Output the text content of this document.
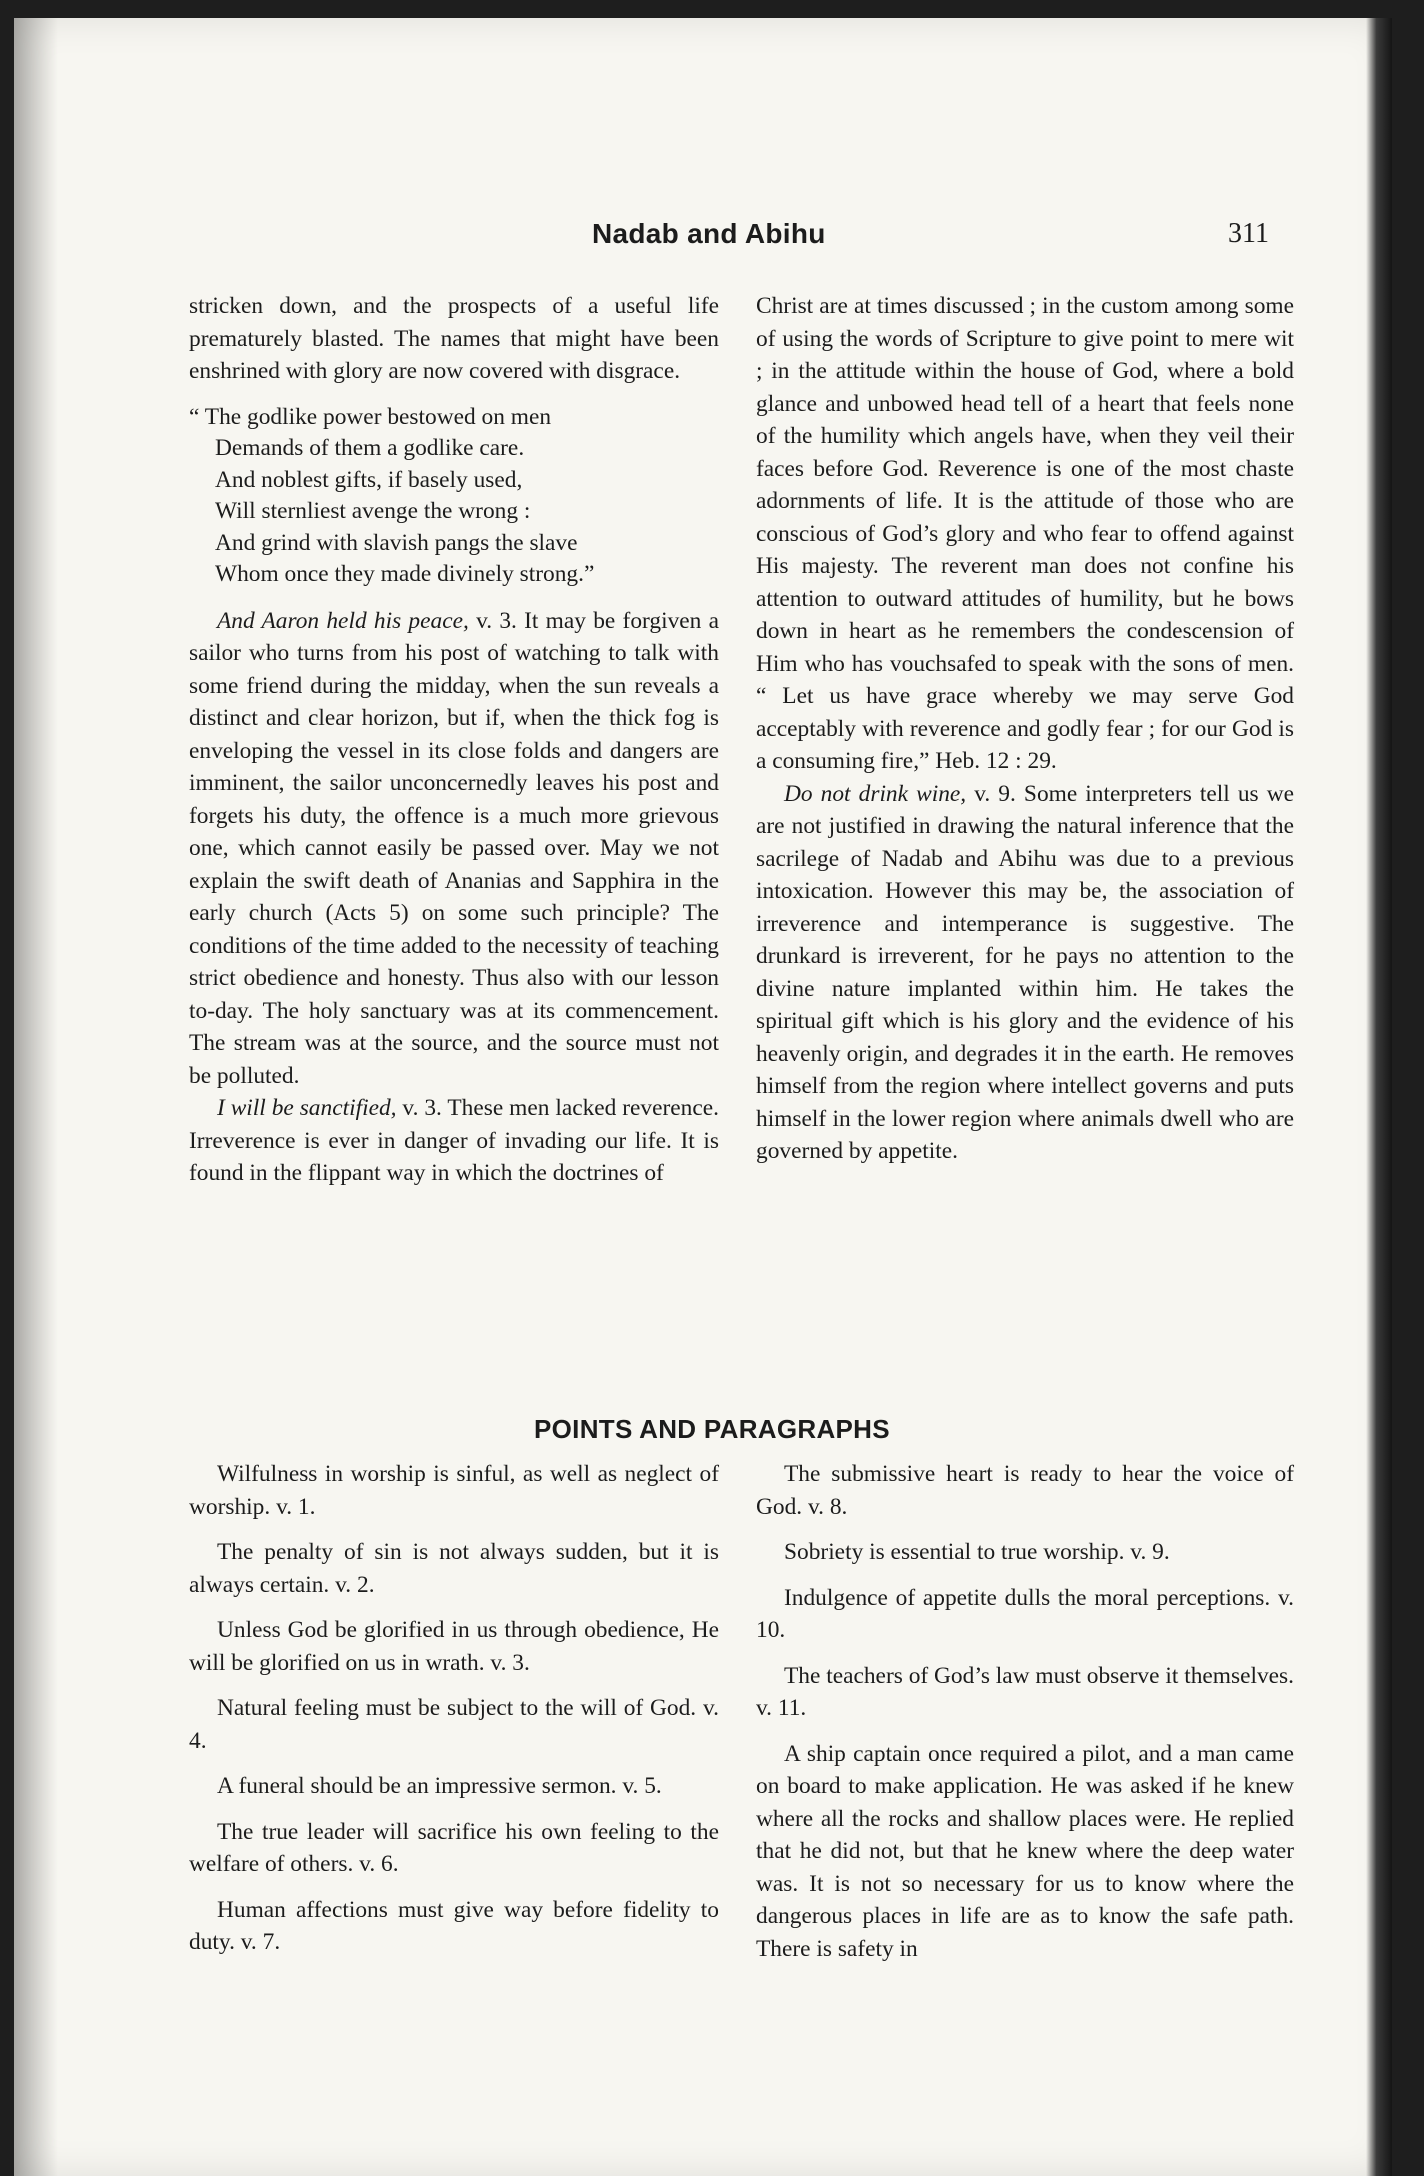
Nadab and Abihu	311

stricken down, and the prospects of a useful life prematurely blasted. The names that might have been enshrined with glory are now covered with disgrace.

“ The godlike power bestowed on men
Demands of them a godlike care.
And noblest gifts, if basely used,
Will sternliest avenge the wrong :
And grind with slavish pangs the slave
Whom once they made divinely strong.”

And Aaron held his peace, v. 3. It may be forgiven a sailor who turns from his post of watching to talk with some friend during the midday, when the sun reveals a distinct and clear horizon, but if, when the thick fog is enveloping the vessel in its close folds and dangers are imminent, the sailor unconcernedly leaves his post and forgets his duty, the offence is a much more grievous one, which cannot easily be passed over. May we not explain the swift death of Ananias and Sapphira in the early church (Acts 5) on some such principle? The conditions of the time added to the necessity of teaching strict obedience and honesty. Thus also with our lesson to-day. The holy sanctuary was at its commencement. The stream was at the source, and the source must not be polluted.

I will be sanctified, v. 3. These men lacked reverence. Irreverence is ever in danger of invading our life. It is found in the flippant way in which the doctrines of

Christ are at times discussed ; in the custom among some of using the words of Scripture to give point to mere wit ; in the attitude within the house of God, where a bold glance and unbowed head tell of a heart that feels none of the humility which angels have, when they veil their faces before God. Reverence is one of the most chaste adornments of life. It is the attitude of those who are conscious of God’s glory and who fear to offend against His majesty. The reverent man does not confine his attention to outward attitudes of humility, but he bows down in heart as he remembers the condescension of Him who has vouchsafed to speak with the sons of men. “ Let us have grace whereby we may serve God acceptably with reverence and godly fear ; for our God is a consuming fire,” Heb. 12 : 29.

Do not drink wine, v. 9. Some interpreters tell us we are not justified in drawing the natural inference that the sacrilege of Nadab and Abihu was due to a previous intoxication. However this may be, the association of irreverence and intemperance is suggestive. The drunkard is irreverent, for he pays no attention to the divine nature implanted within him. He takes the spiritual gift which is his glory and the evidence of his heavenly origin, and degrades it in the earth. He removes himself from the region where intellect governs and puts himself in the lower region where animals dwell who are governed by appetite.

POINTS AND PARAGRAPHS

Wilfulness in worship is sinful, as well as neglect of worship. v. 1.

The penalty of sin is not always sudden, but it is always certain. v. 2.

Unless God be glorified in us through obedience, He will be glorified on us in wrath. v. 3.

Natural feeling must be subject to the will of God. v. 4.

A funeral should be an impressive sermon. v. 5.

The true leader will sacrifice his own feeling to the welfare of others. v. 6.

Human affections must give way before fidelity to duty. v. 7.

The submissive heart is ready to hear the voice of God. v. 8.

Sobriety is essential to true worship. v. 9.

Indulgence of appetite dulls the moral perceptions. v. 10.

The teachers of God’s law must observe it themselves. v. 11.

A ship captain once required a pilot, and a man came on board to make application. He was asked if he knew where all the rocks and shallow places were. He replied that he did not, but that he knew where the deep water was. It is not so necessary for us to know where the dangerous places in life are as to know the safe path. There is safety in
